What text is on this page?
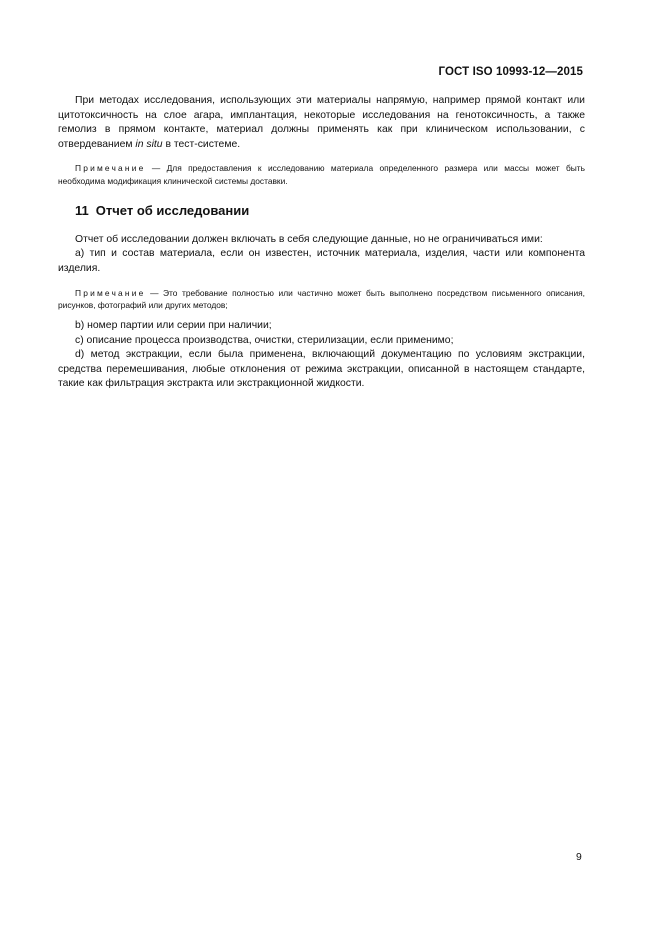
ГОСТ ISO 10993-12—2015

При методах исследования, использующих эти материалы напрямую, например прямой контакт или цитотоксичность на слое агара, имплантация, некоторые исследования на генотоксичность, а также гемолиз в прямом контакте, материал должны применять как при клиническом использовании, с отвердеванием in situ в тест-системе.

Примечание — Для предоставления к исследованию материала определенного размера или массы может быть необходима модификация клинической системы доставки.

11 Отчет об исследовании

Отчет об исследовании должен включать в себя следующие данные, но не ограничиваться ими:

a) тип и состав материала, если он известен, источник материала, изделия, части или компонента изделия.

Примечание — Это требование полностью или частично может быть выполнено посредством письменного описания, рисунков, фотографий или других методов;

b) номер партии или серии при наличии;

c) описание процесса производства, очистки, стерилизации, если применимо;

d) метод экстракции, если была применена, включающий документацию по условиям экстракции, средства перемешивания, любые отклонения от режима экстракции, описанной в настоящем стандарте, такие как фильтрация экстракта или экстракционной жидкости.

9
